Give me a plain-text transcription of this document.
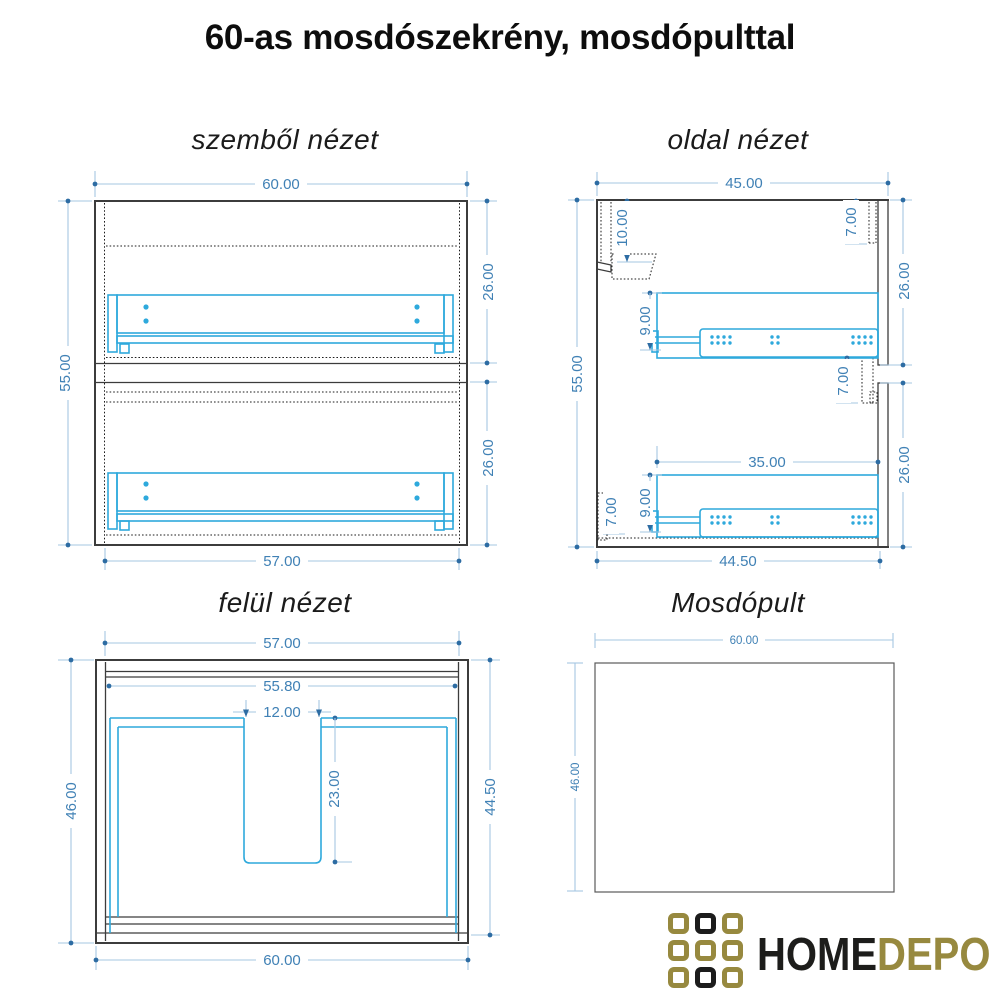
60-as mosdószekrény, mosdópulttal
szemből nézet	oldal nézet
felül nézet	Mosdópult
60.00
55.00
26.00
26.00
57.00
45.00
10.00	7.00
26.00
9.00
55.00	7.00
35.00	26.00
9.00
7.00
44.50
57.00
55.80
12.00
46.00	23.00	44.50
60.00
60.00
46.00
HOMEDEPO
